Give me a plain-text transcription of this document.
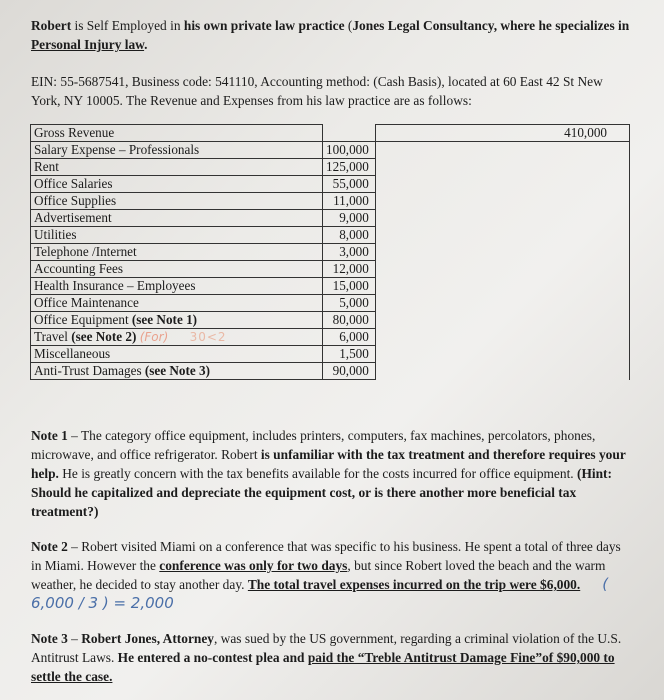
Robert is Self Employed in his own private law practice (Jones Legal Consultancy, where he specializes in Personal Injury law.
EIN: 55-5687541, Business code: 541110, Accounting method: (Cash Basis), located at 60 East 42 St New York, NY 10005. The Revenue and Expenses from his law practice are as follows:
Gross Revenue		410,000
Salary Expense – Professionals	100,000	
Rent	125,000	
Office Salaries	55,000	
Office Supplies	11,000	
Advertisement	9,000	
Utilities	8,000	
Telephone /Internet	3,000	
Accounting Fees	12,000	
Health Insurance – Employees	15,000	
Office Maintenance	5,000	
Office Equipment (see Note 1)	80,000	
Travel (see Note 2) (For) 30<2	6,000	
Miscellaneous	1,500	
Anti-Trust Damages (see Note 3)	90,000	
Note 1 – The category office equipment, includes printers, computers, fax machines, percolators, phones, microwave, and office refrigerator. Robert is unfamiliar with the tax treatment and therefore requires your help. He is greatly concern with the tax benefits available for the costs incurred for office equipment. (Hint: Should he capitalized and depreciate the equipment cost, or is there another more beneficial tax treatment?)
Note 2 – Robert visited Miami on a conference that was specific to his business. He spent a total of three days in Miami. However the conference was only for two days, but since Robert loved the beach and the warm weather, he decided to stay another day. The total travel expenses incurred on the trip were $6,000. ( 6,000 / 3 ) = 2,000
Note 3 – Robert Jones, Attorney, was sued by the US government, regarding a criminal violation of the U.S. Antitrust Laws. He entered a no-contest plea and paid the “Treble Antitrust Damage Fine”of $90,000 to settle the case.
